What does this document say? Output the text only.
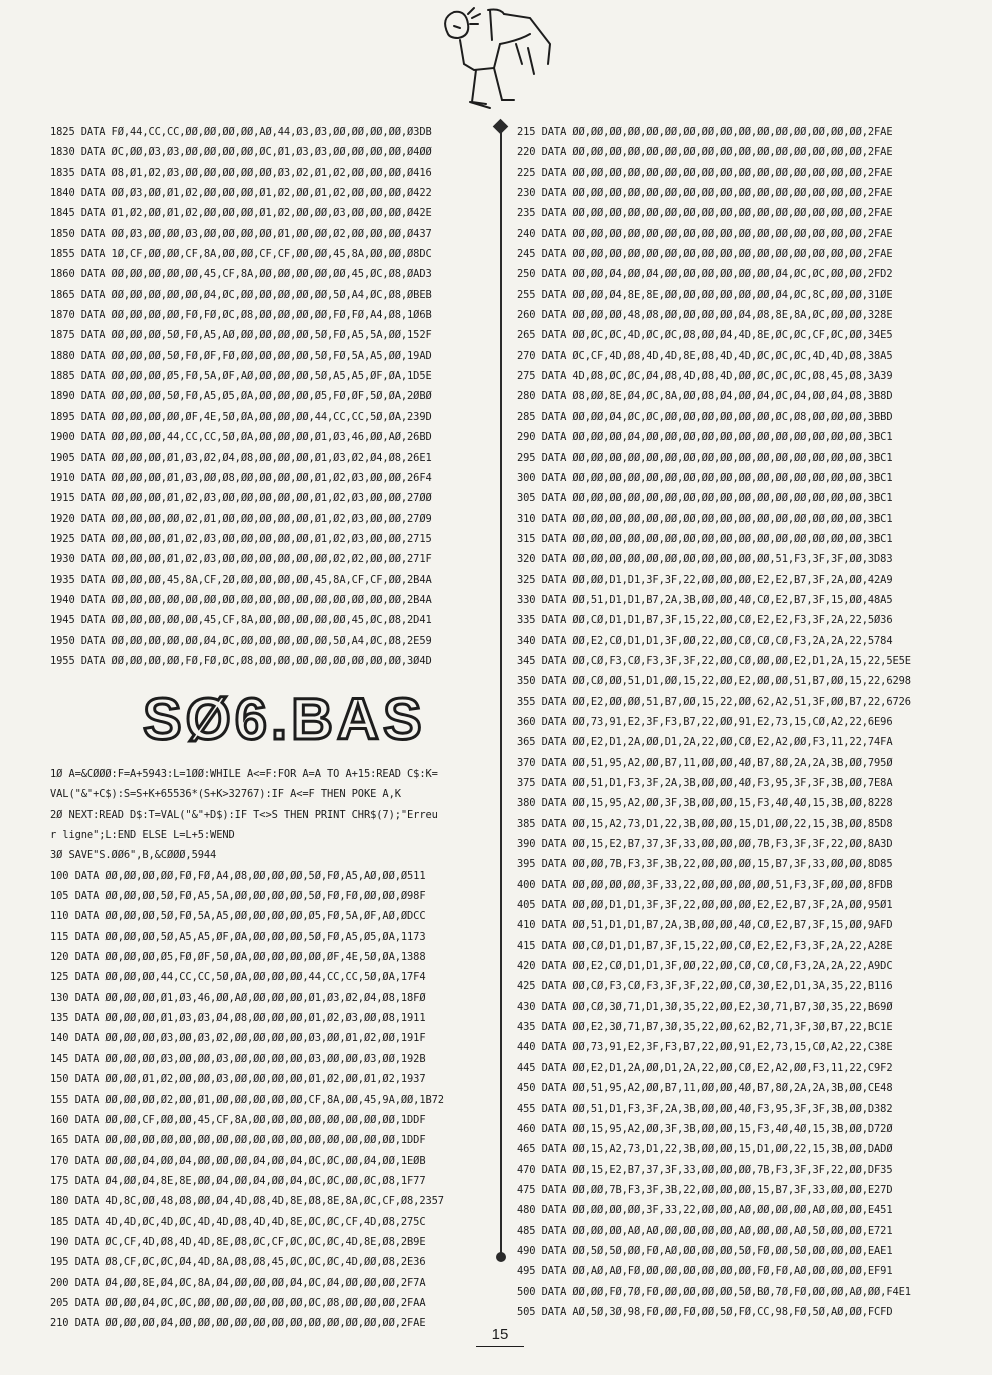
1825 DATA FØ,44,CC,CC,ØØ,ØØ,ØØ,ØØ,AØ,44,Ø3,Ø3,ØØ,ØØ,ØØ,ØØ,Ø3DB
1830 DATA ØC,ØØ,Ø3,Ø3,ØØ,ØØ,ØØ,ØØ,ØC,Ø1,Ø3,Ø3,ØØ,ØØ,ØØ,ØØ,Ø4ØØ
1835 DATA Ø8,Ø1,Ø2,Ø3,ØØ,ØØ,ØØ,ØØ,ØØ,Ø3,Ø2,Ø1,Ø2,ØØ,ØØ,ØØ,Ø416
1840 DATA ØØ,Ø3,ØØ,Ø1,Ø2,ØØ,ØØ,ØØ,Ø1,Ø2,ØØ,Ø1,Ø2,ØØ,ØØ,ØØ,Ø422
1845 DATA Ø1,Ø2,ØØ,Ø1,Ø2,ØØ,ØØ,ØØ,Ø1,Ø2,ØØ,ØØ,Ø3,ØØ,ØØ,ØØ,Ø42E
1850 DATA ØØ,Ø3,ØØ,ØØ,Ø3,ØØ,ØØ,ØØ,ØØ,Ø1,ØØ,ØØ,Ø2,ØØ,ØØ,ØØ,Ø437
1855 DATA 1Ø,CF,ØØ,ØØ,CF,8A,ØØ,ØØ,CF,CF,ØØ,ØØ,45,8A,ØØ,ØØ,Ø8DC
1860 DATA ØØ,ØØ,ØØ,ØØ,ØØ,45,CF,8A,ØØ,ØØ,ØØ,ØØ,ØØ,45,ØC,Ø8,ØAD3
1865 DATA ØØ,ØØ,ØØ,ØØ,ØØ,Ø4,ØC,ØØ,ØØ,ØØ,ØØ,ØØ,5Ø,A4,ØC,Ø8,ØBEB
1870 DATA ØØ,ØØ,ØØ,ØØ,FØ,FØ,ØC,Ø8,ØØ,ØØ,ØØ,ØØ,FØ,FØ,A4,Ø8,1Ø6B
1875 DATA ØØ,ØØ,ØØ,5Ø,FØ,A5,AØ,ØØ,ØØ,ØØ,ØØ,5Ø,FØ,A5,5A,ØØ,152F
1880 DATA ØØ,ØØ,ØØ,5Ø,FØ,ØF,FØ,ØØ,ØØ,ØØ,ØØ,5Ø,FØ,5A,A5,ØØ,19AD
1885 DATA ØØ,ØØ,ØØ,Ø5,FØ,5A,ØF,AØ,ØØ,ØØ,ØØ,5Ø,A5,A5,ØF,ØA,1D5E
1890 DATA ØØ,ØØ,ØØ,5Ø,FØ,A5,Ø5,ØA,ØØ,ØØ,ØØ,Ø5,FØ,ØF,5Ø,ØA,2ØBØ
1895 DATA ØØ,ØØ,ØØ,ØØ,ØF,4E,5Ø,ØA,ØØ,ØØ,ØØ,44,CC,CC,5Ø,ØA,239D
1900 DATA ØØ,ØØ,ØØ,44,CC,CC,5Ø,ØA,ØØ,ØØ,ØØ,Ø1,Ø3,46,ØØ,AØ,26BD
1905 DATA ØØ,ØØ,ØØ,Ø1,Ø3,Ø2,Ø4,Ø8,ØØ,ØØ,ØØ,Ø1,Ø3,Ø2,Ø4,Ø8,26E1
1910 DATA ØØ,ØØ,ØØ,Ø1,Ø3,ØØ,Ø8,ØØ,ØØ,ØØ,ØØ,Ø1,Ø2,Ø3,ØØ,ØØ,26F4
1915 DATA ØØ,ØØ,ØØ,Ø1,Ø2,Ø3,ØØ,ØØ,ØØ,ØØ,ØØ,Ø1,Ø2,Ø3,ØØ,ØØ,27ØØ
1920 DATA ØØ,ØØ,ØØ,ØØ,Ø2,Ø1,ØØ,ØØ,ØØ,ØØ,ØØ,Ø1,Ø2,Ø3,ØØ,ØØ,27Ø9
1925 DATA ØØ,ØØ,ØØ,Ø1,Ø2,Ø3,ØØ,ØØ,ØØ,ØØ,ØØ,Ø1,Ø2,Ø3,ØØ,ØØ,2715
1930 DATA ØØ,ØØ,ØØ,Ø1,Ø2,Ø3,ØØ,ØØ,ØØ,ØØ,ØØ,ØØ,Ø2,Ø2,ØØ,ØØ,271F
1935 DATA ØØ,ØØ,ØØ,45,8A,CF,2Ø,ØØ,ØØ,ØØ,ØØ,45,8A,CF,CF,ØØ,2B4A
1940 DATA ØØ,ØØ,ØØ,ØØ,ØØ,ØØ,ØØ,ØØ,ØØ,ØØ,ØØ,ØØ,ØØ,ØØ,ØØ,ØØ,2B4A
1945 DATA ØØ,ØØ,ØØ,ØØ,ØØ,45,CF,8A,ØØ,ØØ,ØØ,ØØ,ØØ,45,ØC,Ø8,2D41
1950 DATA ØØ,ØØ,ØØ,ØØ,ØØ,Ø4,ØC,ØØ,ØØ,ØØ,ØØ,ØØ,5Ø,A4,ØC,Ø8,2E59
1955 DATA ØØ,ØØ,ØØ,ØØ,FØ,FØ,ØC,Ø8,ØØ,ØØ,ØØ,ØØ,ØØ,ØØ,ØØ,ØØ,3Ø4D
SØ6.BAS
1Ø A=&CØØØ:F=A+5943:L=1ØØ:WHILE A<=F:FOR A=A TO A+15:READ C$:K=
VAL("&"+C$):S=S+K+65536*(S+K>32767):IF A<=F THEN POKE A,K
2Ø NEXT:READ D$:T=VAL("&"+D$):IF T<>S THEN PRINT CHR$(7);"Erreu
r ligne";L:END ELSE L=L+5:WEND
3Ø SAVE"S.ØØ6",B,&CØØØ,5944
100 DATA ØØ,ØØ,ØØ,ØØ,FØ,FØ,A4,Ø8,ØØ,ØØ,ØØ,5Ø,FØ,A5,AØ,ØØ,Ø511
105 DATA ØØ,ØØ,ØØ,5Ø,FØ,A5,5A,ØØ,ØØ,ØØ,ØØ,5Ø,FØ,FØ,ØØ,ØØ,Ø98F
110 DATA ØØ,ØØ,ØØ,5Ø,FØ,5A,A5,ØØ,ØØ,ØØ,ØØ,Ø5,FØ,5A,ØF,AØ,ØDCC
115 DATA ØØ,ØØ,ØØ,5Ø,A5,A5,ØF,ØA,ØØ,ØØ,ØØ,5Ø,FØ,A5,Ø5,ØA,1173
120 DATA ØØ,ØØ,ØØ,Ø5,FØ,ØF,5Ø,ØA,ØØ,ØØ,ØØ,ØØ,ØF,4E,5Ø,ØA,1388
125 DATA ØØ,ØØ,ØØ,44,CC,CC,5Ø,ØA,ØØ,ØØ,ØØ,44,CC,CC,5Ø,ØA,17F4
130 DATA ØØ,ØØ,ØØ,Ø1,Ø3,46,ØØ,AØ,ØØ,ØØ,ØØ,Ø1,Ø3,Ø2,Ø4,Ø8,18FØ
135 DATA ØØ,ØØ,ØØ,Ø1,Ø3,Ø3,Ø4,Ø8,ØØ,ØØ,ØØ,Ø1,Ø2,Ø3,ØØ,Ø8,1911
140 DATA ØØ,ØØ,ØØ,Ø3,ØØ,Ø3,Ø2,ØØ,ØØ,ØØ,ØØ,Ø3,ØØ,Ø1,Ø2,ØØ,191F
145 DATA ØØ,ØØ,ØØ,Ø3,ØØ,ØØ,Ø3,ØØ,ØØ,ØØ,ØØ,Ø3,ØØ,ØØ,Ø3,ØØ,192B
150 DATA ØØ,ØØ,Ø1,Ø2,ØØ,ØØ,Ø3,ØØ,ØØ,ØØ,ØØ,Ø1,Ø2,ØØ,Ø1,Ø2,1937
155 DATA ØØ,ØØ,ØØ,Ø2,ØØ,Ø1,ØØ,ØØ,ØØ,ØØ,ØØ,CF,8A,ØØ,45,9A,ØØ,1B72
160 DATA ØØ,ØØ,CF,ØØ,ØØ,45,CF,8A,ØØ,ØØ,ØØ,ØØ,ØØ,ØØ,ØØ,ØØ,1DDF
165 DATA ØØ,ØØ,ØØ,ØØ,ØØ,ØØ,ØØ,ØØ,ØØ,ØØ,ØØ,ØØ,ØØ,ØØ,ØØ,ØØ,1DDF
170 DATA ØØ,ØØ,Ø4,ØØ,Ø4,ØØ,ØØ,ØØ,Ø4,ØØ,Ø4,ØC,ØC,ØØ,Ø4,ØØ,1EØB
175 DATA Ø4,ØØ,Ø4,8E,8E,ØØ,Ø4,ØØ,Ø4,ØØ,Ø4,ØC,ØC,ØØ,ØC,Ø8,1F77
180 DATA 4D,8C,ØØ,48,Ø8,ØØ,Ø4,4D,Ø8,4D,8E,Ø8,8E,8A,ØC,CF,Ø8,2357
185 DATA 4D,4D,ØC,4D,ØC,4D,4D,Ø8,4D,4D,8E,ØC,ØC,CF,4D,Ø8,275C
190 DATA ØC,CF,4D,Ø8,4D,4D,8E,Ø8,ØC,CF,ØC,ØC,ØC,4D,8E,Ø8,2B9E
195 DATA Ø8,CF,ØC,ØC,Ø4,4D,8A,Ø8,Ø8,45,ØC,ØC,ØC,4D,ØØ,Ø8,2E36
200 DATA Ø4,ØØ,8E,Ø4,ØC,8A,Ø4,ØØ,ØØ,ØØ,Ø4,ØC,Ø4,ØØ,ØØ,ØØ,2F7A
205 DATA ØØ,ØØ,Ø4,ØC,ØC,ØØ,ØØ,ØØ,ØØ,ØØ,ØØ,ØC,Ø8,ØØ,ØØ,ØØ,2FAA
210 DATA ØØ,ØØ,ØØ,Ø4,ØØ,ØØ,ØØ,ØØ,ØØ,ØØ,ØØ,ØØ,ØØ,ØØ,ØØ,ØØ,2FAE
215 DATA ØØ,ØØ,ØØ,ØØ,ØØ,ØØ,ØØ,ØØ,ØØ,ØØ,ØØ,ØØ,ØØ,ØØ,ØØ,ØØ,2FAE
220 DATA ØØ,ØØ,ØØ,ØØ,ØØ,ØØ,ØØ,ØØ,ØØ,ØØ,ØØ,ØØ,ØØ,ØØ,ØØ,ØØ,2FAE
225 DATA ØØ,ØØ,ØØ,ØØ,ØØ,ØØ,ØØ,ØØ,ØØ,ØØ,ØØ,ØØ,ØØ,ØØ,ØØ,ØØ,2FAE
230 DATA ØØ,ØØ,ØØ,ØØ,ØØ,ØØ,ØØ,ØØ,ØØ,ØØ,ØØ,ØØ,ØØ,ØØ,ØØ,ØØ,2FAE
235 DATA ØØ,ØØ,ØØ,ØØ,ØØ,ØØ,ØØ,ØØ,ØØ,ØØ,ØØ,ØØ,ØØ,ØØ,ØØ,ØØ,2FAE
240 DATA ØØ,ØØ,ØØ,ØØ,ØØ,ØØ,ØØ,ØØ,ØØ,ØØ,ØØ,ØØ,ØØ,ØØ,ØØ,ØØ,2FAE
245 DATA ØØ,ØØ,ØØ,ØØ,ØØ,ØØ,ØØ,ØØ,ØØ,ØØ,ØØ,ØØ,ØØ,ØØ,ØØ,ØØ,2FAE
250 DATA ØØ,ØØ,Ø4,ØØ,Ø4,ØØ,ØØ,ØØ,ØØ,ØØ,ØØ,Ø4,ØC,ØC,ØØ,ØØ,2FD2
255 DATA ØØ,ØØ,Ø4,8E,8E,ØØ,ØØ,ØØ,ØØ,ØØ,ØØ,Ø4,ØC,8C,ØØ,ØØ,31ØE
260 DATA ØØ,ØØ,ØØ,48,Ø8,ØØ,ØØ,ØØ,ØØ,Ø4,Ø8,8E,8A,ØC,ØØ,ØØ,328E
265 DATA ØØ,ØC,ØC,4D,ØC,ØC,Ø8,ØØ,Ø4,4D,8E,ØC,ØC,CF,ØC,ØØ,34E5
270 DATA ØC,CF,4D,Ø8,4D,4D,8E,Ø8,4D,4D,ØC,ØC,ØC,4D,4D,Ø8,38A5
275 DATA 4D,Ø8,ØC,ØC,Ø4,Ø8,4D,Ø8,4D,ØØ,ØC,ØC,ØC,Ø8,45,Ø8,3A39
280 DATA Ø8,ØØ,8E,Ø4,ØC,8A,ØØ,Ø8,Ø4,ØØ,Ø4,ØC,Ø4,ØØ,Ø4,Ø8,3B8D
285 DATA ØØ,ØØ,Ø4,ØC,ØC,ØØ,ØØ,ØØ,ØØ,ØØ,ØØ,ØC,Ø8,ØØ,ØØ,ØØ,3BBD
290 DATA ØØ,ØØ,ØØ,Ø4,ØØ,ØØ,ØØ,ØØ,ØØ,ØØ,ØØ,ØØ,ØØ,ØØ,ØØ,ØØ,3BC1
295 DATA ØØ,ØØ,ØØ,ØØ,ØØ,ØØ,ØØ,ØØ,ØØ,ØØ,ØØ,ØØ,ØØ,ØØ,ØØ,ØØ,3BC1
300 DATA ØØ,ØØ,ØØ,ØØ,ØØ,ØØ,ØØ,ØØ,ØØ,ØØ,ØØ,ØØ,ØØ,ØØ,ØØ,ØØ,3BC1
305 DATA ØØ,ØØ,ØØ,ØØ,ØØ,ØØ,ØØ,ØØ,ØØ,ØØ,ØØ,ØØ,ØØ,ØØ,ØØ,ØØ,3BC1
310 DATA ØØ,ØØ,ØØ,ØØ,ØØ,ØØ,ØØ,ØØ,ØØ,ØØ,ØØ,ØØ,ØØ,ØØ,ØØ,ØØ,3BC1
315 DATA ØØ,ØØ,ØØ,ØØ,ØØ,ØØ,ØØ,ØØ,ØØ,ØØ,ØØ,ØØ,ØØ,ØØ,ØØ,ØØ,3BC1
320 DATA ØØ,ØØ,ØØ,ØØ,ØØ,ØØ,ØØ,ØØ,ØØ,ØØ,ØØ,51,F3,3F,3F,ØØ,3D83
325 DATA ØØ,ØØ,D1,D1,3F,3F,22,ØØ,ØØ,ØØ,E2,E2,B7,3F,2A,ØØ,42A9
330 DATA ØØ,51,D1,D1,B7,2A,3B,ØØ,ØØ,4Ø,CØ,E2,B7,3F,15,ØØ,48A5
335 DATA ØØ,CØ,D1,D1,B7,3F,15,22,ØØ,CØ,E2,E2,F3,3F,2A,22,5Ø36
340 DATA ØØ,E2,CØ,D1,D1,3F,ØØ,22,ØØ,CØ,CØ,CØ,F3,2A,2A,22,5784
345 DATA ØØ,CØ,F3,CØ,F3,3F,3F,22,ØØ,CØ,ØØ,ØØ,E2,D1,2A,15,22,5E5E
350 DATA ØØ,CØ,ØØ,51,D1,ØØ,15,22,ØØ,E2,ØØ,ØØ,51,B7,ØØ,15,22,6298
355 DATA ØØ,E2,ØØ,ØØ,51,B7,ØØ,15,22,ØØ,62,A2,51,3F,ØØ,B7,22,6726
360 DATA ØØ,73,91,E2,3F,F3,B7,22,ØØ,91,E2,73,15,CØ,A2,22,6E96
365 DATA ØØ,E2,D1,2A,ØØ,D1,2A,22,ØØ,CØ,E2,A2,ØØ,F3,11,22,74FA
370 DATA ØØ,51,95,A2,ØØ,B7,11,ØØ,ØØ,4Ø,B7,8Ø,2A,2A,3B,ØØ,795Ø
375 DATA ØØ,51,D1,F3,3F,2A,3B,ØØ,ØØ,4Ø,F3,95,3F,3F,3B,ØØ,7E8A
380 DATA ØØ,15,95,A2,ØØ,3F,3B,ØØ,ØØ,15,F3,4Ø,4Ø,15,3B,ØØ,8228
385 DATA ØØ,15,A2,73,D1,22,3B,ØØ,ØØ,15,D1,ØØ,22,15,3B,ØØ,85D8
390 DATA ØØ,15,E2,B7,37,3F,33,ØØ,ØØ,ØØ,7B,F3,3F,3F,22,ØØ,8A3D
395 DATA ØØ,ØØ,7B,F3,3F,3B,22,ØØ,ØØ,ØØ,15,B7,3F,33,ØØ,ØØ,8D85
400 DATA ØØ,ØØ,ØØ,ØØ,3F,33,22,ØØ,ØØ,ØØ,ØØ,51,F3,3F,ØØ,ØØ,8FDB
405 DATA ØØ,ØØ,D1,D1,3F,3F,22,ØØ,ØØ,ØØ,E2,E2,B7,3F,2A,ØØ,95Ø1
410 DATA ØØ,51,D1,D1,B7,2A,3B,ØØ,ØØ,4Ø,CØ,E2,B7,3F,15,ØØ,9AFD
415 DATA ØØ,CØ,D1,D1,B7,3F,15,22,ØØ,CØ,E2,E2,F3,3F,2A,22,A28E
420 DATA ØØ,E2,CØ,D1,D1,3F,ØØ,22,ØØ,CØ,CØ,CØ,F3,2A,2A,22,A9DC
425 DATA ØØ,CØ,F3,CØ,F3,3F,3F,22,ØØ,CØ,3Ø,E2,D1,3A,35,22,B116
430 DATA ØØ,CØ,3Ø,71,D1,3Ø,35,22,ØØ,E2,3Ø,71,B7,3Ø,35,22,B69Ø
435 DATA ØØ,E2,3Ø,71,B7,3Ø,35,22,ØØ,62,B2,71,3F,3Ø,B7,22,BC1E
440 DATA ØØ,73,91,E2,3F,F3,B7,22,ØØ,91,E2,73,15,CØ,A2,22,C38E
445 DATA ØØ,E2,D1,2A,ØØ,D1,2A,22,ØØ,CØ,E2,A2,ØØ,F3,11,22,C9F2
450 DATA ØØ,51,95,A2,ØØ,B7,11,ØØ,ØØ,4Ø,B7,8Ø,2A,2A,3B,ØØ,CE48
455 DATA ØØ,51,D1,F3,3F,2A,3B,ØØ,ØØ,4Ø,F3,95,3F,3F,3B,ØØ,D382
460 DATA ØØ,15,95,A2,ØØ,3F,3B,ØØ,ØØ,15,F3,4Ø,4Ø,15,3B,ØØ,D72Ø
465 DATA ØØ,15,A2,73,D1,22,3B,ØØ,ØØ,15,D1,ØØ,22,15,3B,ØØ,DADØ
470 DATA ØØ,15,E2,B7,37,3F,33,ØØ,ØØ,ØØ,7B,F3,3F,3F,22,ØØ,DF35
475 DATA ØØ,ØØ,7B,F3,3F,3B,22,ØØ,ØØ,ØØ,15,B7,3F,33,ØØ,ØØ,E27D
480 DATA ØØ,ØØ,ØØ,ØØ,3F,33,22,ØØ,ØØ,AØ,ØØ,ØØ,ØØ,AØ,ØØ,ØØ,E451
485 DATA ØØ,ØØ,ØØ,AØ,AØ,ØØ,ØØ,ØØ,ØØ,AØ,ØØ,ØØ,AØ,5Ø,ØØ,ØØ,E721
490 DATA ØØ,5Ø,5Ø,ØØ,FØ,AØ,ØØ,ØØ,ØØ,5Ø,FØ,ØØ,5Ø,ØØ,ØØ,ØØ,EAE1
495 DATA ØØ,AØ,AØ,FØ,ØØ,ØØ,ØØ,ØØ,ØØ,ØØ,FØ,FØ,AØ,ØØ,ØØ,ØØ,EF91
500 DATA ØØ,ØØ,FØ,7Ø,FØ,ØØ,ØØ,ØØ,ØØ,5Ø,BØ,7Ø,FØ,ØØ,ØØ,AØ,ØØ,F4E1
505 DATA AØ,5Ø,3Ø,98,FØ,ØØ,FØ,ØØ,5Ø,FØ,CC,98,FØ,5Ø,AØ,ØØ,FCFD
15
